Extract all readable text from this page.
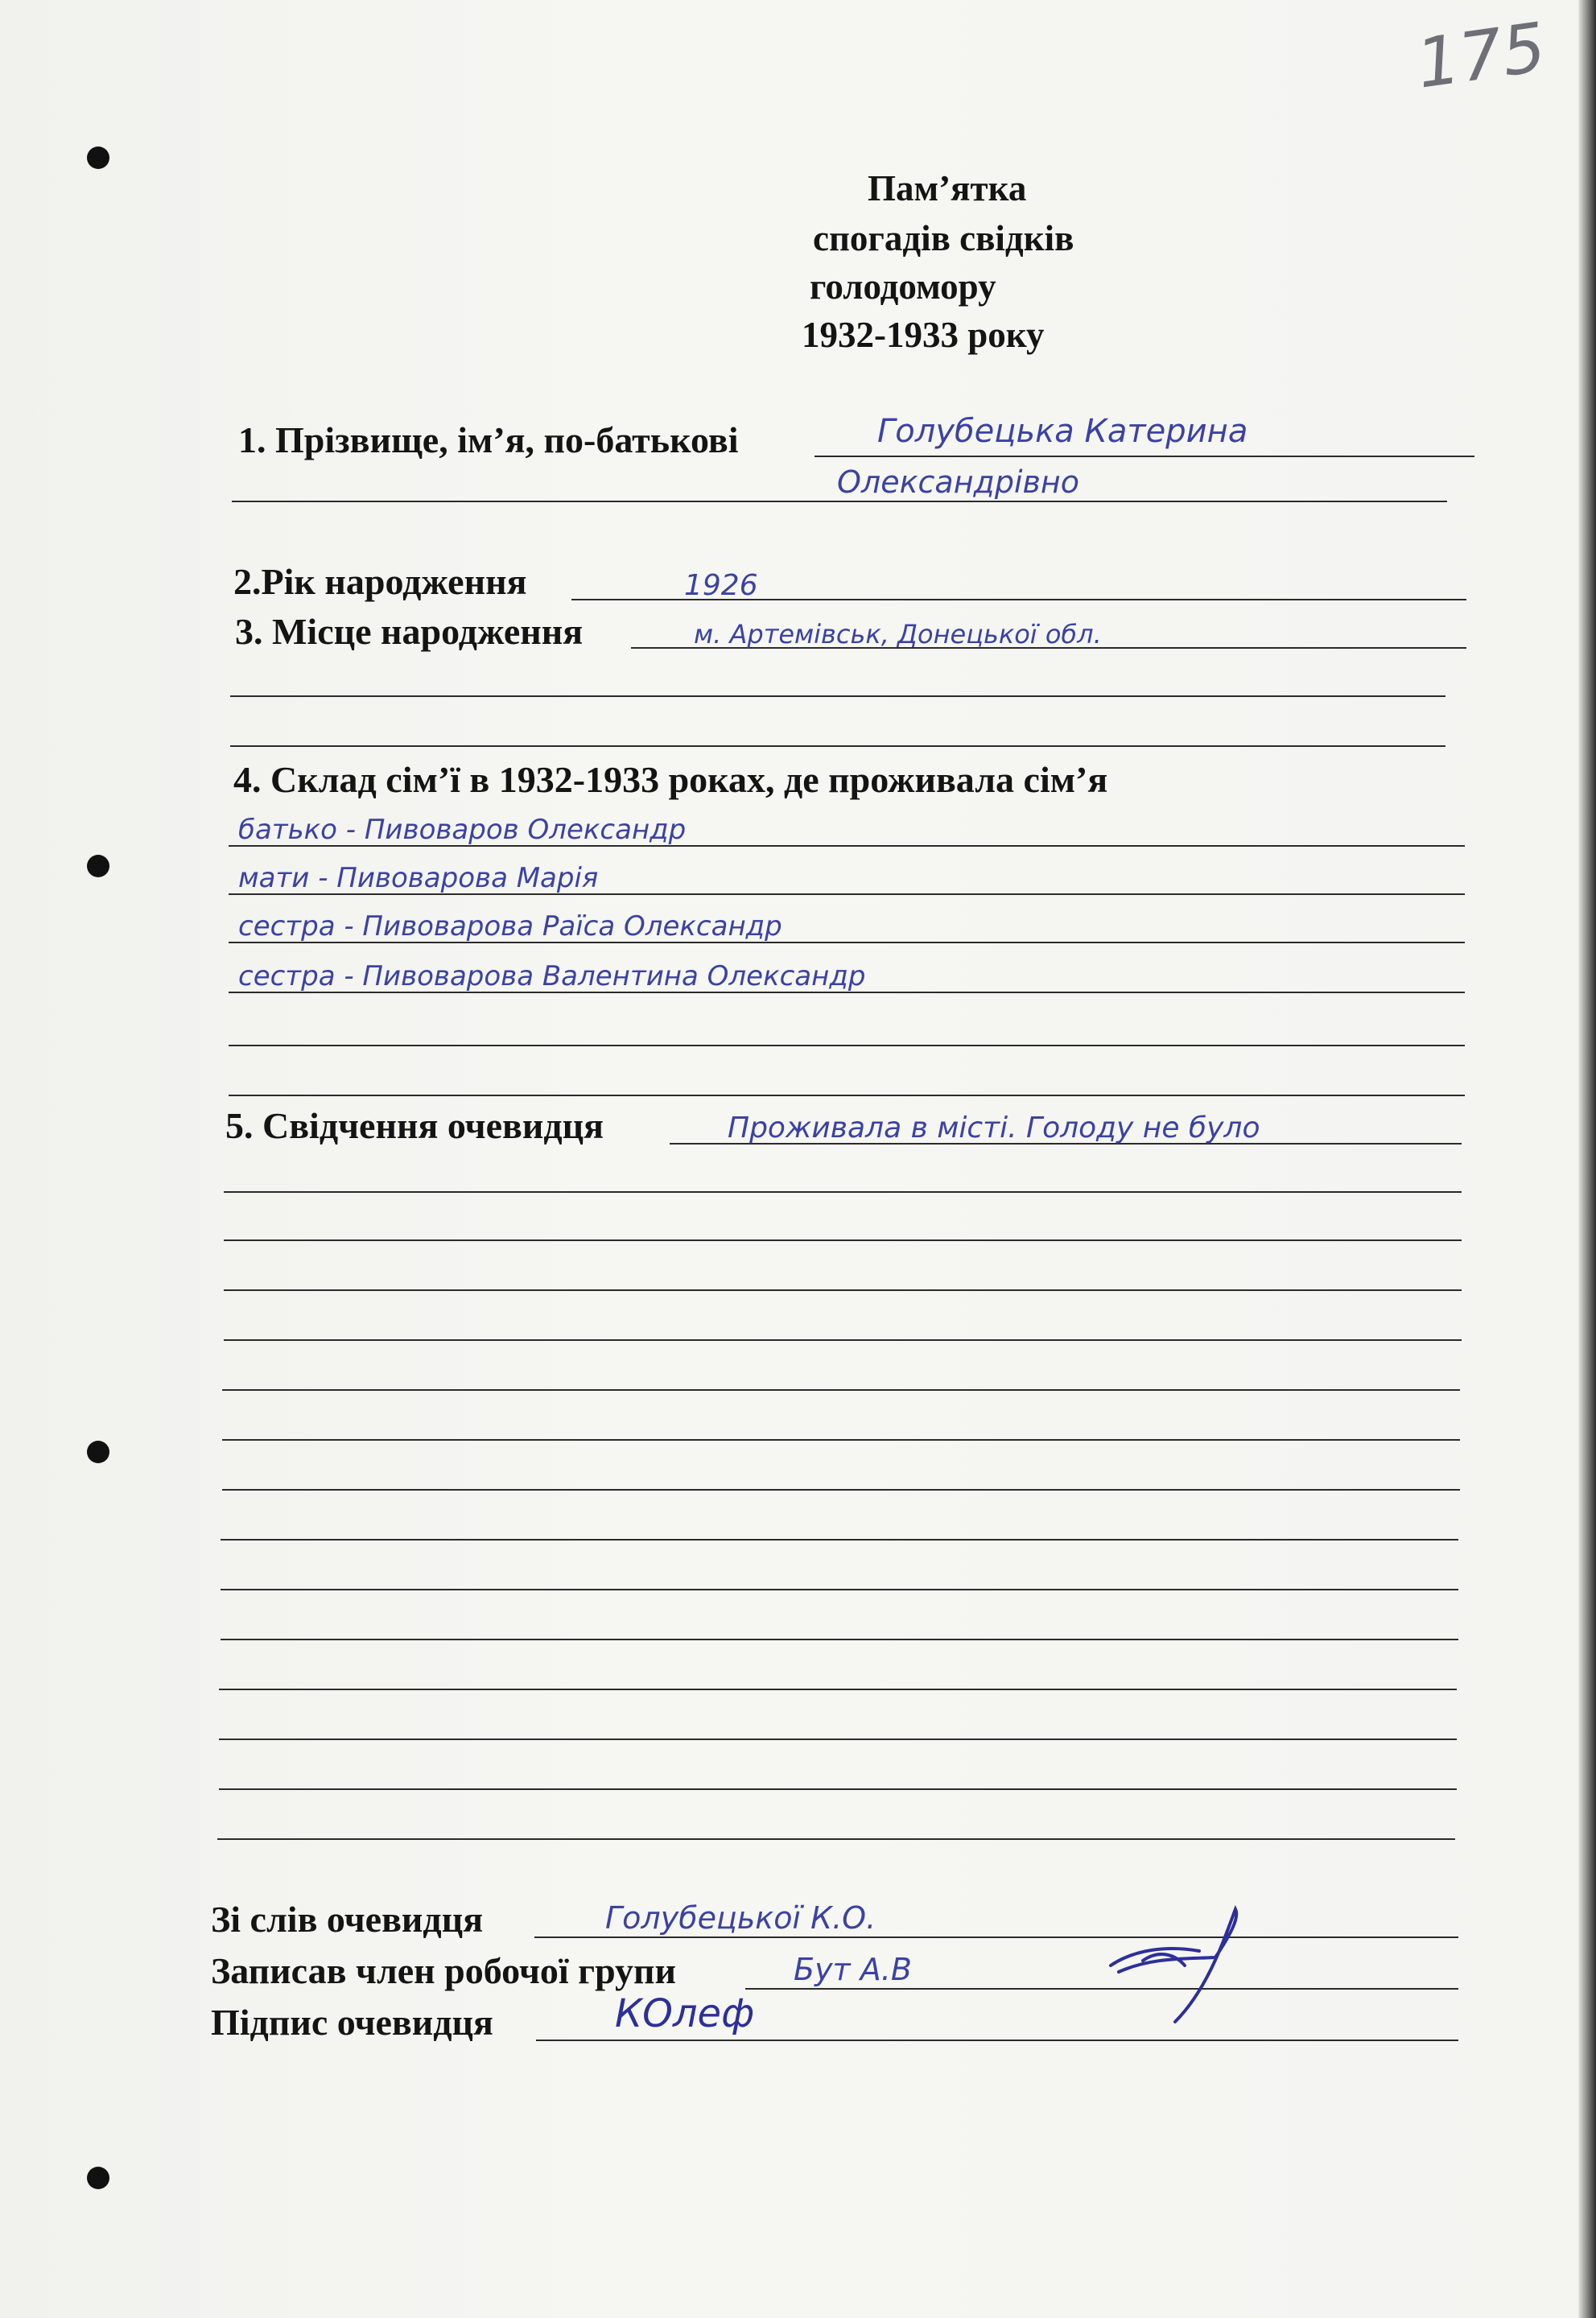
175
Пам’ятка
спогадів свідків
голодомору
1932-1933 року
1. Прізвище, ім’я, по-батькові	Голубецька Катерина
Олександрівно
2.Рік народження	1926
3. Місце народження	м. Артемівськ, Донецької обл.
4. Склад сім’ї в 1932-1933 роках, де проживала сім’я
батько - Пивоваров Олександр
мати - Пивоварова Марія
сестра - Пивоварова Раїса Олександр
сестра - Пивоварова Валентина Олександр
5. Свідчення очевидця	Проживала в місті. Голоду не було
Зі слів очевидця	Голубецької К.О.
Записав член робочої групи	Бут А.В
Підпис очевидця	КОлеф
